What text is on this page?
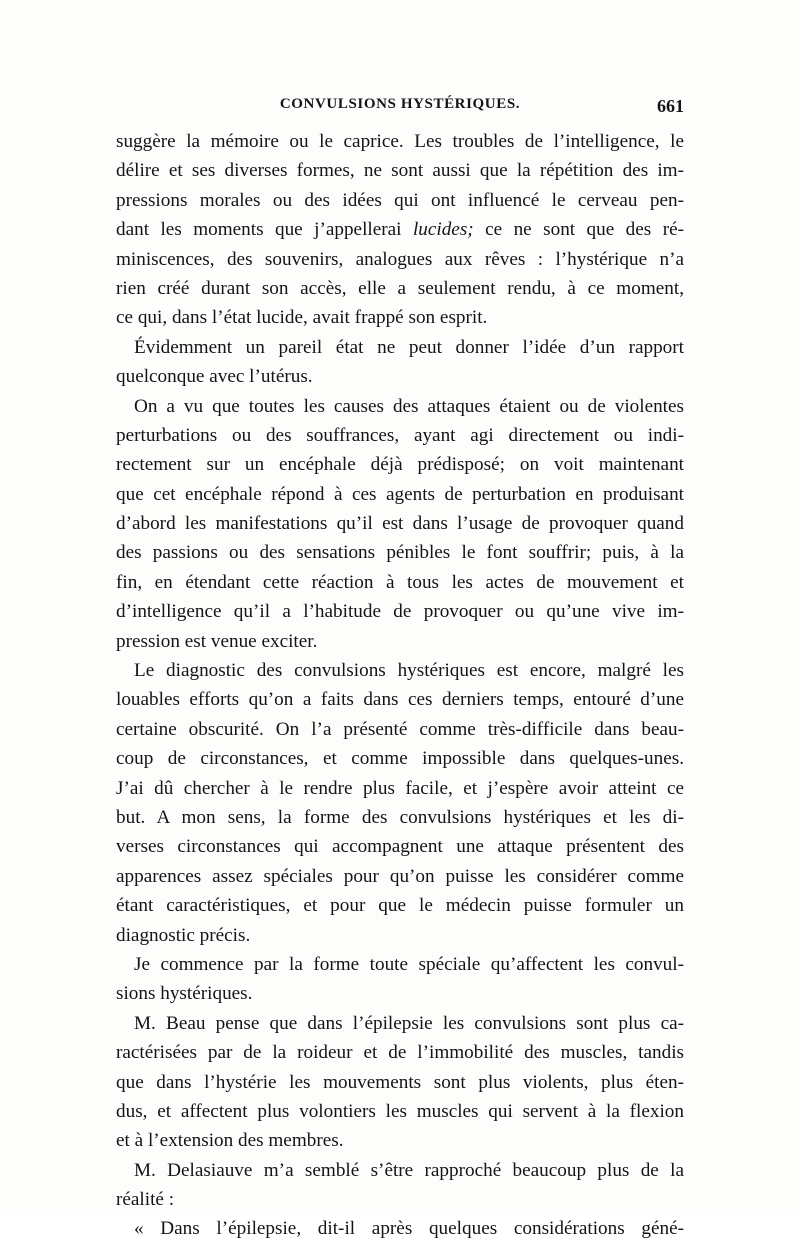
CONVULSIONS HYSTÉRIQUES.	661
suggère la mémoire ou le caprice. Les troubles de l’intelligence, le
délire et ses diverses formes, ne sont aussi que la répétition des im-
pressions morales ou des idées qui ont influencé le cerveau pen-
dant les moments que j’appellerai lucides; ce ne sont que des ré-
miniscences, des souvenirs, analogues aux rêves : l’hystérique n’a
rien créé durant son accès, elle a seulement rendu, à ce moment,
ce qui, dans l’état lucide, avait frappé son esprit.
Évidemment un pareil état ne peut donner l’idée d’un rapport
quelconque avec l’utérus.
On a vu que toutes les causes des attaques étaient ou de violentes
perturbations ou des souffrances, ayant agi directement ou indi-
rectement sur un encéphale déjà prédisposé; on voit maintenant
que cet encéphale répond à ces agents de perturbation en produisant
d’abord les manifestations qu’il est dans l’usage de provoquer quand
des passions ou des sensations pénibles le font souffrir; puis, à la
fin, en étendant cette réaction à tous les actes de mouvement et
d’intelligence qu’il a l’habitude de provoquer ou qu’une vive im-
pression est venue exciter.
Le diagnostic des convulsions hystériques est encore, malgré les
louables efforts qu’on a faits dans ces derniers temps, entouré d’une
certaine obscurité. On l’a présenté comme très-difficile dans beau-
coup de circonstances, et comme impossible dans quelques-unes.
J’ai dû chercher à le rendre plus facile, et j’espère avoir atteint ce
but. A mon sens, la forme des convulsions hystériques et les di-
verses circonstances qui accompagnent une attaque présentent des
apparences assez spéciales pour qu’on puisse les considérer comme
étant caractéristiques, et pour que le médecin puisse formuler un
diagnostic précis.
Je commence par la forme toute spéciale qu’affectent les convul-
sions hystériques.
M. Beau pense que dans l’épilepsie les convulsions sont plus ca-
ractérisées par de la roideur et de l’immobilité des muscles, tandis
que dans l’hystérie les mouvements sont plus violents, plus éten-
dus, et affectent plus volontiers les muscles qui servent à la flexion
et à l’extension des membres.
M. Delasiauve m’a semblé s’être rapproché beaucoup plus de la
réalité :
« Dans l’épilepsie, dit-il après quelques considérations géné-
